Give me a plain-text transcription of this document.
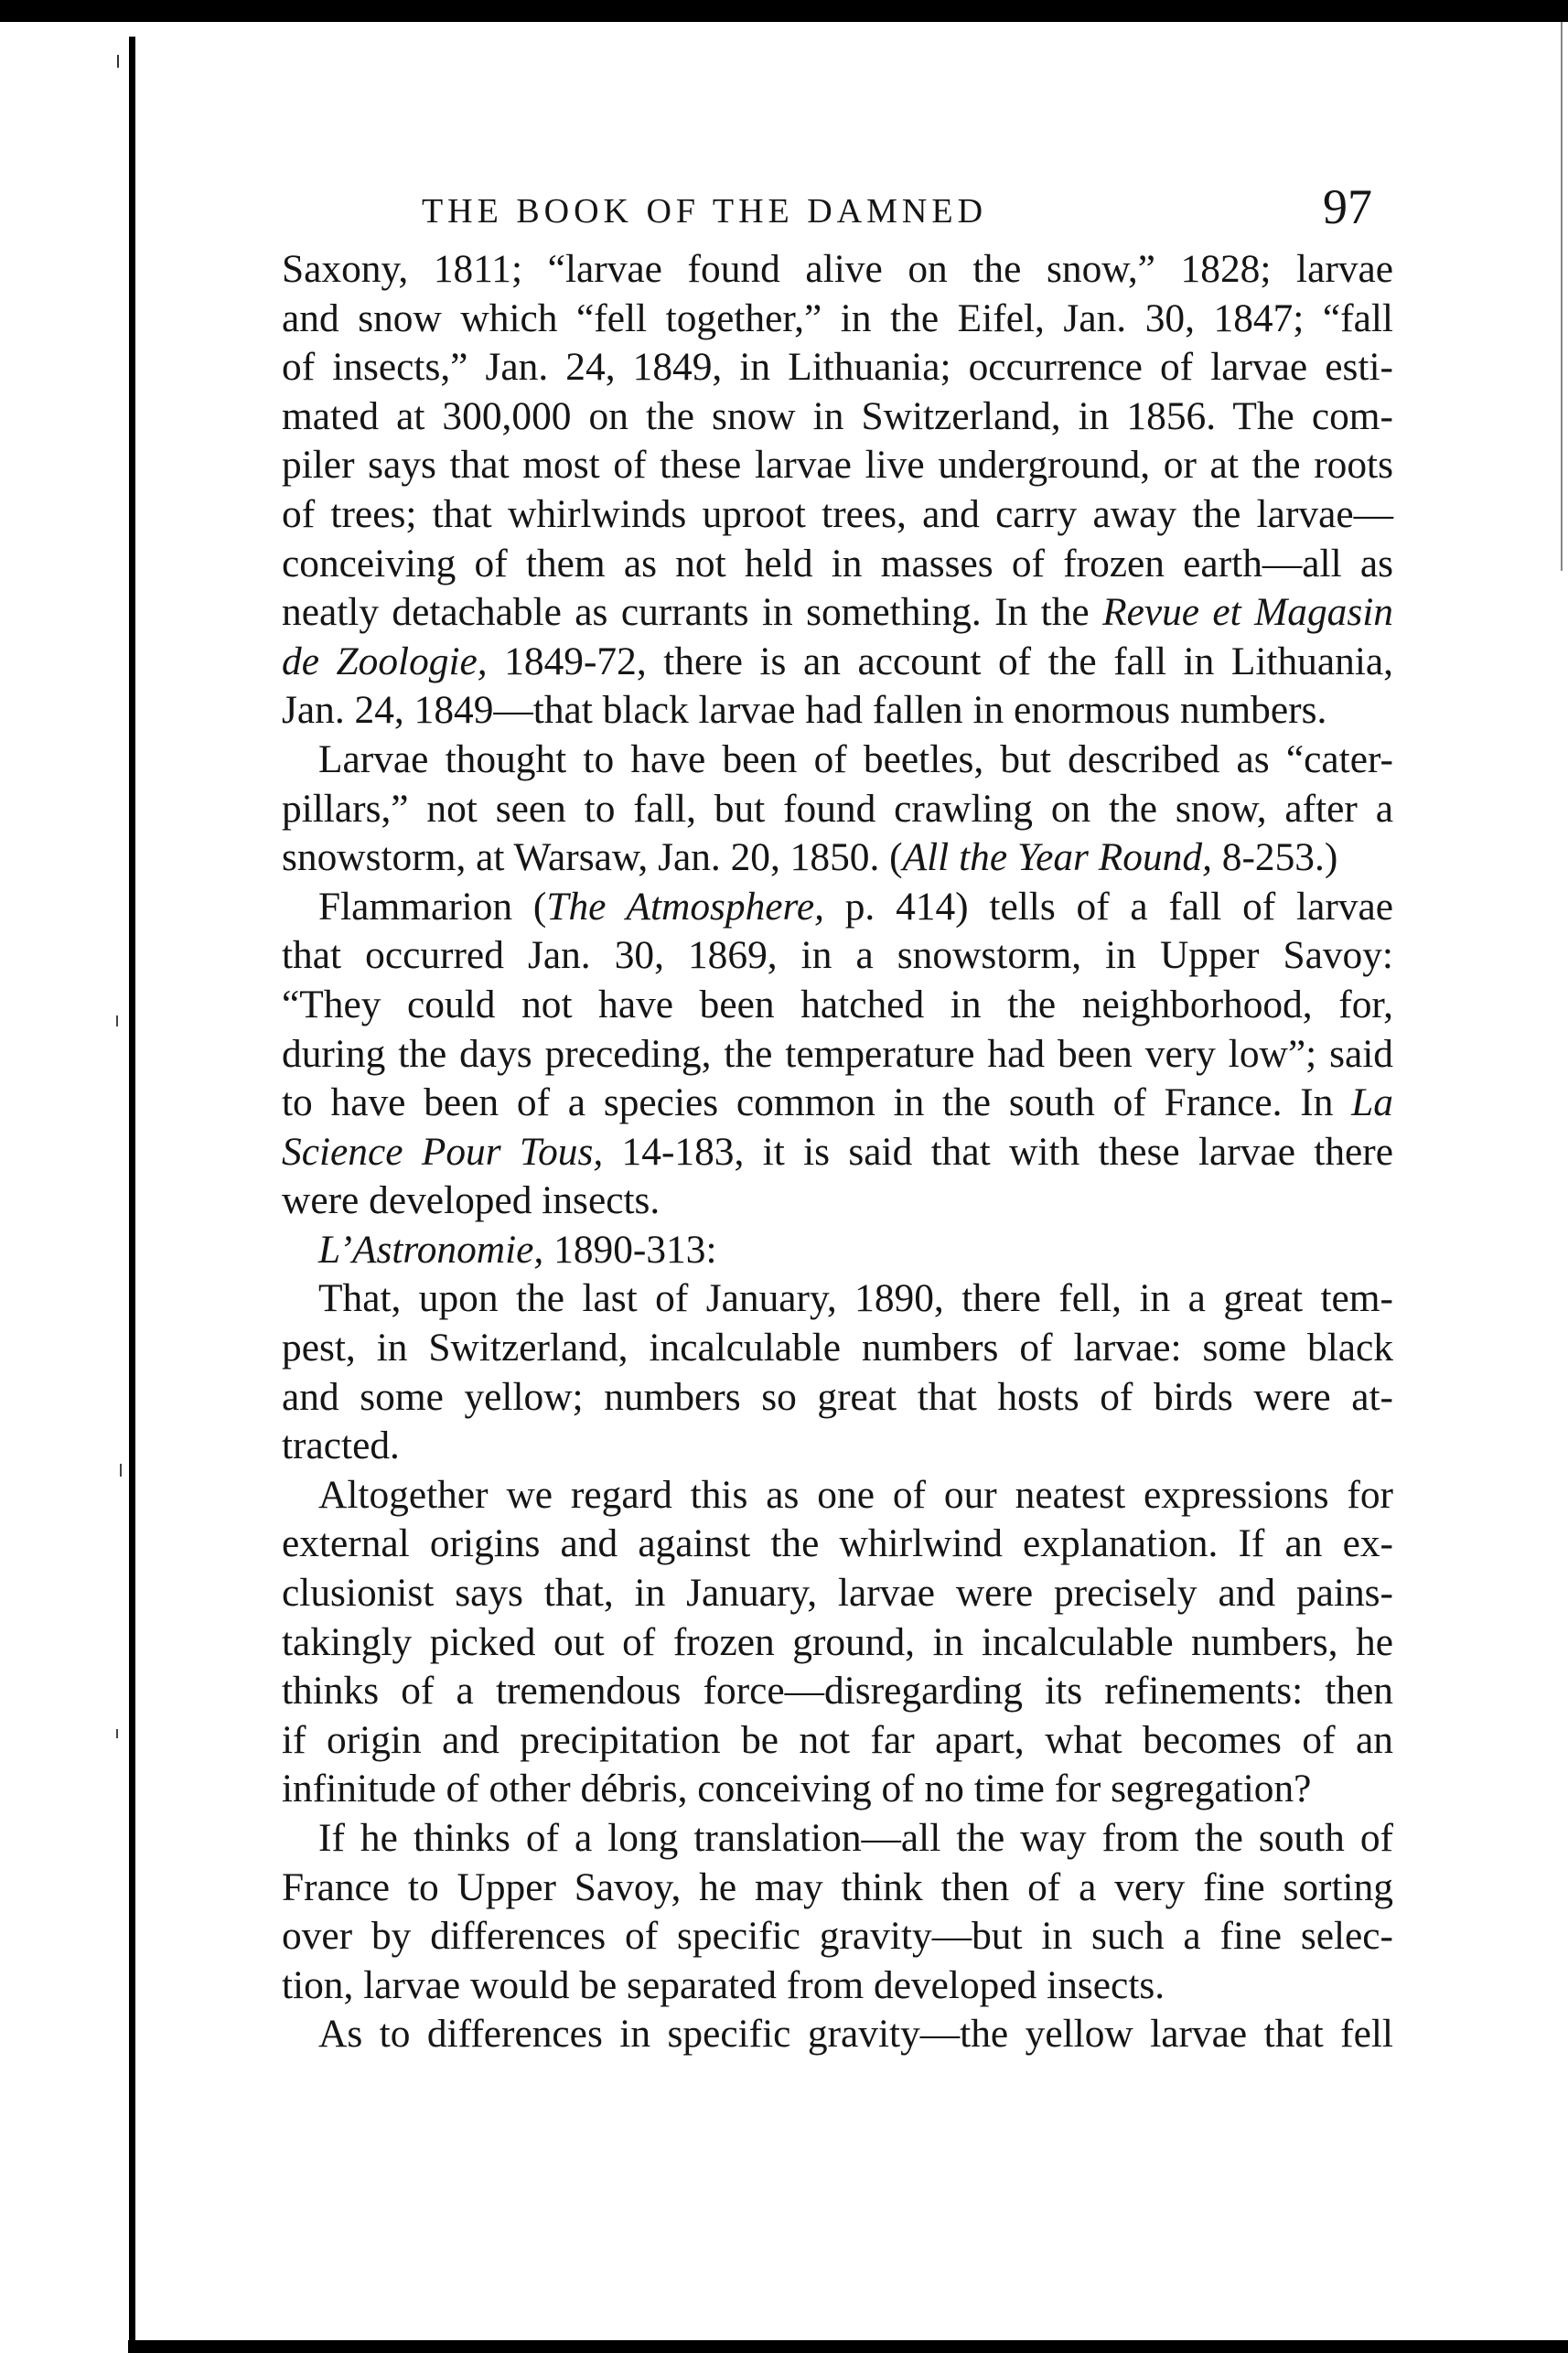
THE BOOK OF THE DAMNED	97
Saxony, 1811; “larvae found alive on the snow,” 1828; larvae
and snow which “fell together,” in the Eifel, Jan. 30, 1847; “fall
of insects,” Jan. 24, 1849, in Lithuania; occurrence of larvae esti-
mated at 300,000 on the snow in Switzerland, in 1856. The com-
piler says that most of these larvae live underground, or at the roots
of trees; that whirlwinds uproot trees, and carry away the larvae—
conceiving of them as not held in masses of frozen earth—all as
neatly detachable as currants in something. In the Revue et Magasin
de Zoologie, 1849-72, there is an account of the fall in Lithuania,
Jan. 24, 1849—that black larvae had fallen in enormous numbers.
Larvae thought to have been of beetles, but described as “cater-
pillars,” not seen to fall, but found crawling on the snow, after a
snowstorm, at Warsaw, Jan. 20, 1850. (All the Year Round, 8-253.)
Flammarion (The Atmosphere, p. 414) tells of a fall of larvae
that occurred Jan. 30, 1869, in a snowstorm, in Upper Savoy:
“They could not have been hatched in the neighborhood, for,
during the days preceding, the temperature had been very low”; said
to have been of a species common in the south of France. In La
Science Pour Tous, 14-183, it is said that with these larvae there
were developed insects.
L’Astronomie, 1890-313:
That, upon the last of January, 1890, there fell, in a great tem-
pest, in Switzerland, incalculable numbers of larvae: some black
and some yellow; numbers so great that hosts of birds were at-
tracted.
Altogether we regard this as one of our neatest expressions for
external origins and against the whirlwind explanation. If an ex-
clusionist says that, in January, larvae were precisely and pains-
takingly picked out of frozen ground, in incalculable numbers, he
thinks of a tremendous force—disregarding its refinements: then
if origin and precipitation be not far apart, what becomes of an
infinitude of other débris, conceiving of no time for segregation?
If he thinks of a long translation—all the way from the south of
France to Upper Savoy, he may think then of a very fine sorting
over by differences of specific gravity—but in such a fine selec-
tion, larvae would be separated from developed insects.
As to differences in specific gravity—the yellow larvae that fell
